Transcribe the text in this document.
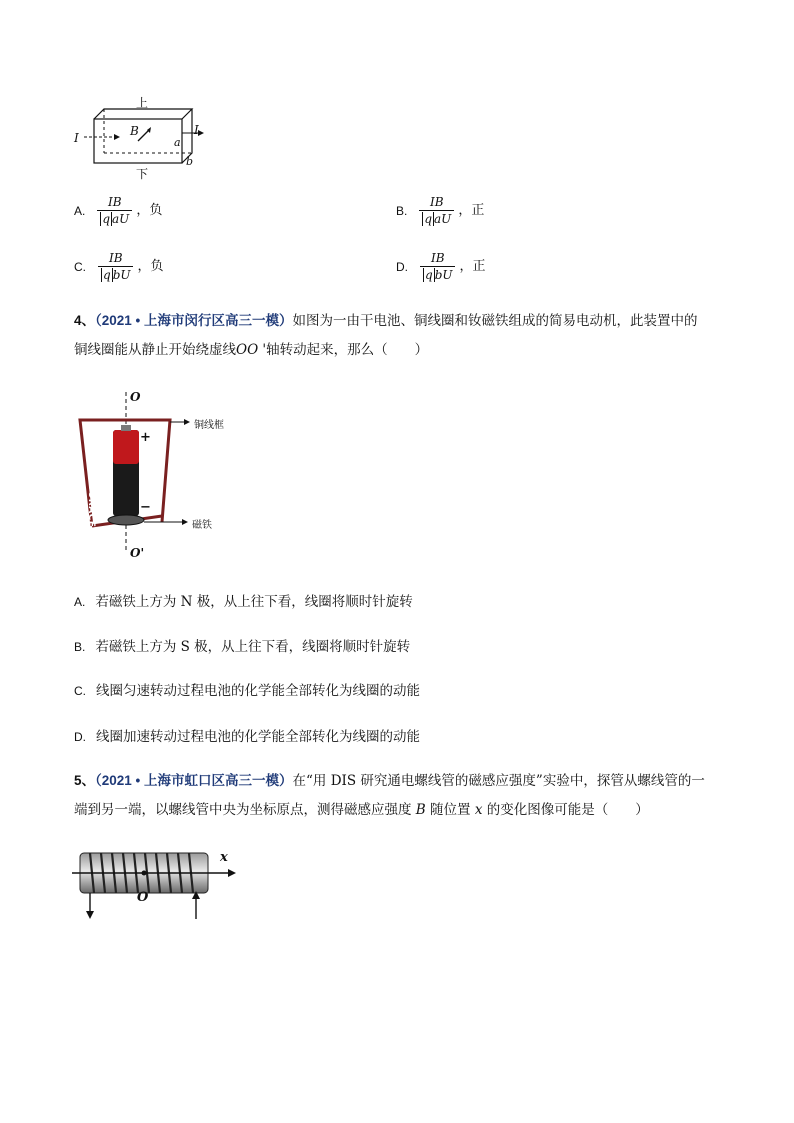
上
下
I
I
B
a
b
A. $\frac{IB}{\text{q aU}}$ ，负	B. $\frac{IB}{\text{q aU}}$ ，正
C. $\frac{IB}{\text{q bU}}$ ，负	D. $\frac{IB}{\text{q bU}}$ ，正
4、（2021 • 上海市闵行区高三一模）如图为一由干电池、铜线圈和钕磁铁组成的简易电动机，此装置中的
铜线圈能从静止开始绕虚线OO '轴转动起来，那么（　　）
O
O'
铜线框
磁铁
+
−
DURACELL
A. 若磁铁上方为 N 极，从上往下看，线圈将顺时针旋转
B. 若磁铁上方为 S 极，从上往下看，线圈将顺时针旋转
C. 线圈匀速转动过程电池的化学能全部转化为线圈的动能
D. 线圈加速转动过程电池的化学能全部转化为线圈的动能
5、（2021 • 上海市虹口区高三一模）在“用 DIS 研究通电螺线管的磁感应强度”实验中，探管从螺线管的一
端到另一端，以螺线管中央为坐标原点，测得磁感应强度 B 随位置 x 的变化图像可能是（　　）
x
O
